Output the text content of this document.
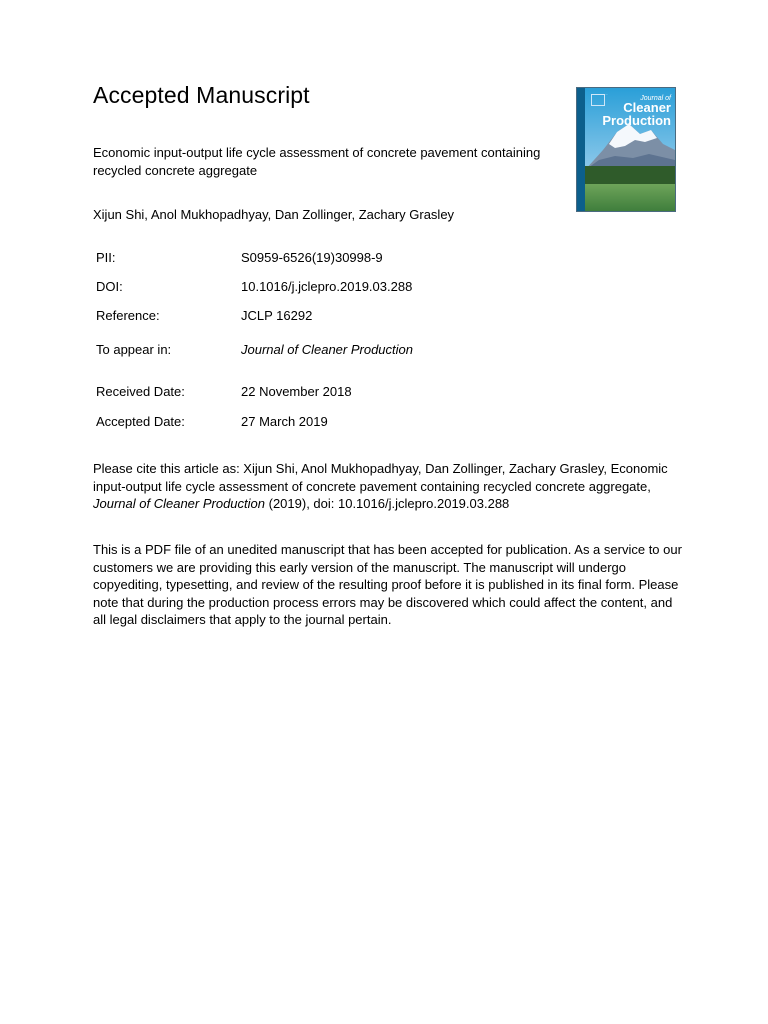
Accepted Manuscript
Economic input-output life cycle assessment of concrete pavement containing recycled concrete aggregate
Xijun Shi, Anol Mukhopadhyay, Dan Zollinger, Zachary Grasley
PII:	S0959-6526(19)30998-9
DOI:	10.1016/j.jclepro.2019.03.288
Reference:	JCLP 16292
To appear in:	Journal of Cleaner Production
Received Date:	22 November 2018
Accepted Date:	27 March 2019
Please cite this article as: Xijun Shi, Anol Mukhopadhyay, Dan Zollinger, Zachary Grasley, Economic input-output life cycle assessment of concrete pavement containing recycled concrete aggregate, Journal of Cleaner Production (2019), doi: 10.1016/j.jclepro.2019.03.288
This is a PDF file of an unedited manuscript that has been accepted for publication. As a service to our customers we are providing this early version of the manuscript. The manuscript will undergo copyediting, typesetting, and review of the resulting proof before it is published in its final form. Please note that during the production process errors may be discovered which could affect the content, and all legal disclaimers that apply to the journal pertain.
...............
Journal of
Cleaner
Production
